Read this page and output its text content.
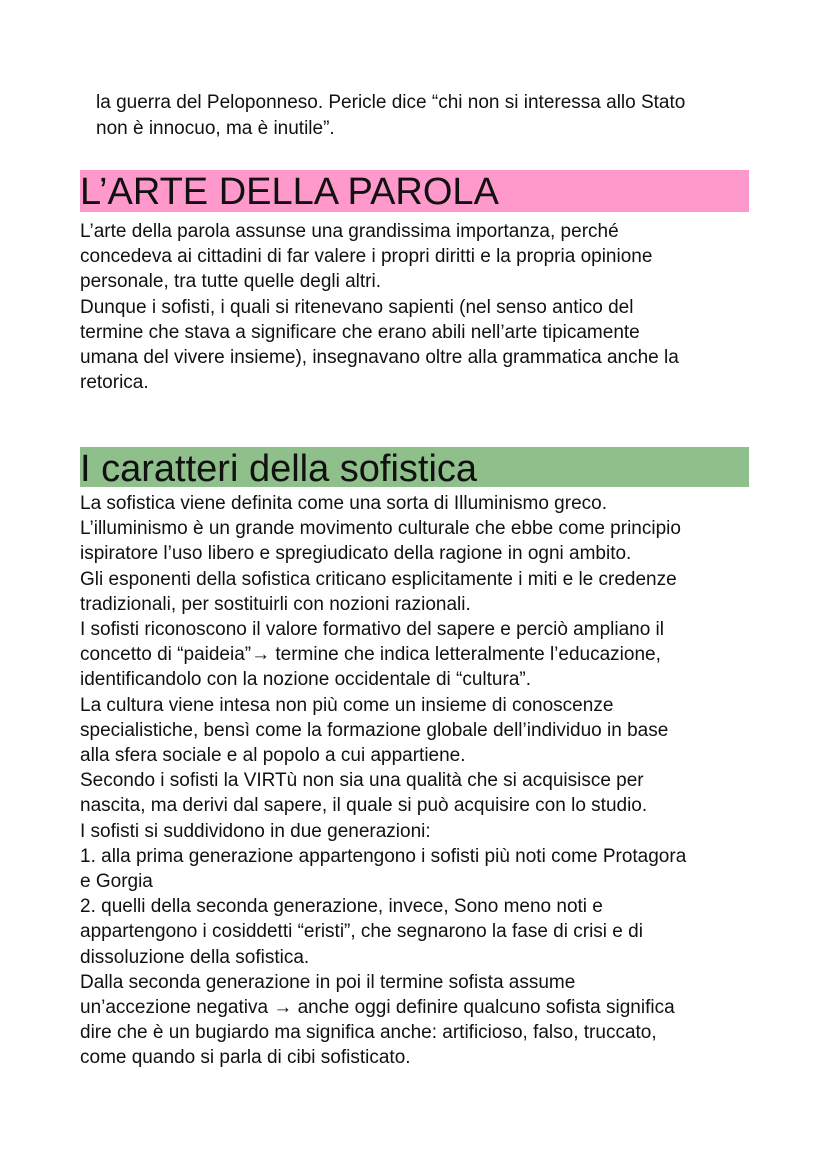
la guerra del Peloponneso. Pericle dice “chi non si interessa allo Stato
non è innocuo, ma è inutile”.
L’ARTE DELLA PAROLA
L’arte della parola assunse una grandissima importanza, perché
concedeva ai cittadini di far valere i propri diritti e la propria opinione
personale, tra tutte quelle degli altri.
Dunque i sofisti, i quali si ritenevano sapienti (nel senso antico del
termine che stava a significare che erano abili nell’arte tipicamente
umana del vivere insieme), insegnavano oltre alla grammatica anche la
retorica.
I caratteri della sofistica
La sofistica viene definita come una sorta di Illuminismo greco.
L’illuminismo è un grande movimento culturale che ebbe come principio
ispiratore l’uso libero e spregiudicato della ragione in ogni ambito.
Gli esponenti della sofistica criticano esplicitamente i miti e le credenze
tradizionali, per sostituirli con nozioni razionali.
I sofisti riconoscono il valore formativo del sapere e perciò ampliano il
concetto di “paideia”→ termine che indica letteralmente l’educazione,
identificandolo con la nozione occidentale di “cultura”.
La cultura viene intesa non più come un insieme di conoscenze
specialistiche, bensì come la formazione globale dell’individuo in base
alla sfera sociale e al popolo a cui appartiene.
Secondo i sofisti la VIRTù non sia una qualità che si acquisisce per
nascita, ma derivi dal sapere, il quale si può acquisire con lo studio.
I sofisti si suddividono in due generazioni:
1. alla prima generazione appartengono i sofisti più noti come Protagora
e Gorgia
2. quelli della seconda generazione, invece, Sono meno noti e
appartengono i cosiddetti “eristi”, che segnarono la fase di crisi e di
dissoluzione della sofistica.
Dalla seconda generazione in poi il termine sofista assume
un’accezione negativa → anche oggi definire qualcuno sofista significa
dire che è un bugiardo ma significa anche: artificioso, falso, truccato,
come quando si parla di cibi sofisticato.
